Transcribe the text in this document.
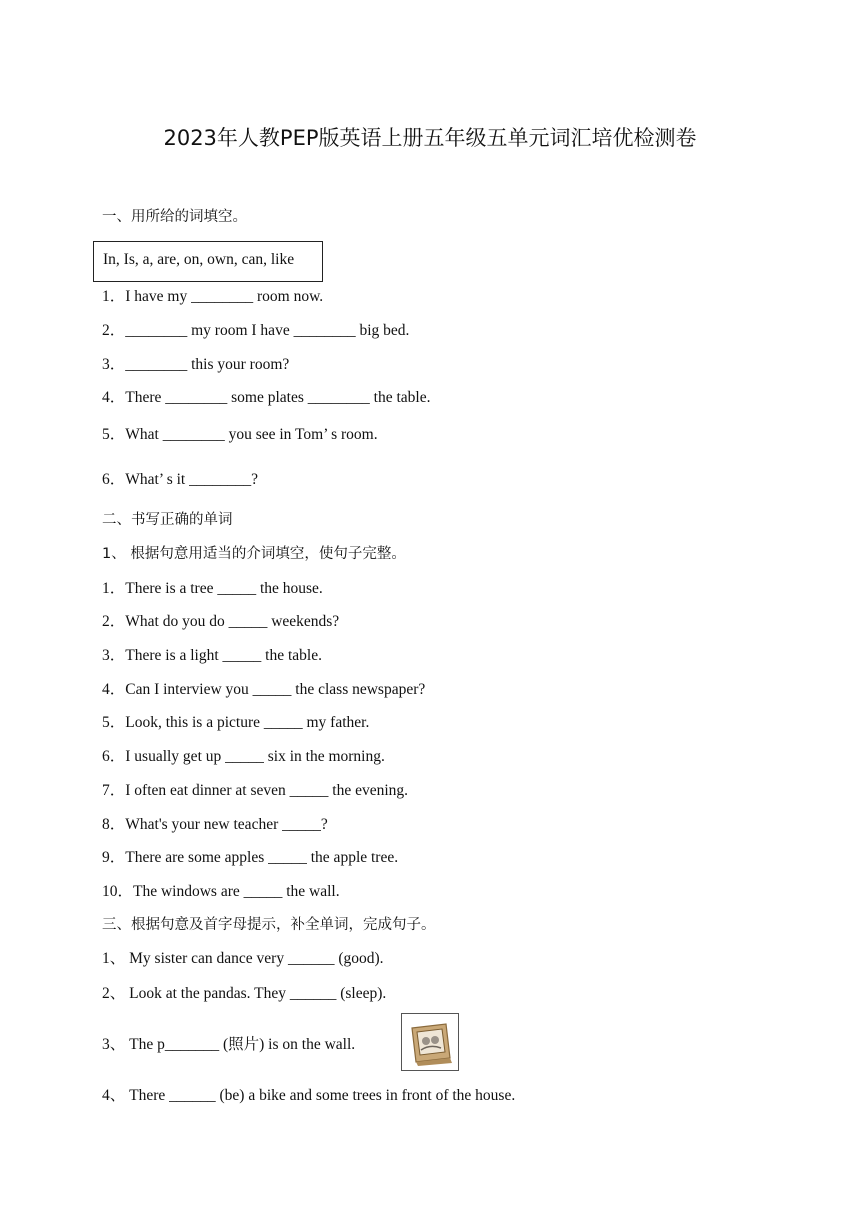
2023年人教PEP版英语上册五年级五单元词汇培优检测卷
一、用所给的词填空。
In, Is, a, are, on, own, can, like
1．I have my ________ room now.
2．________ my room I have ________ big bed.
3．________ this your room?
4．There ________ some plates ________ the table.
5．What ________ you see in Tom’ s room.
6．What’ s it ________?
二、书写正确的单词
1、 根据句意用适当的介词填空，使句子完整。
1．There is a tree _____ the house.
2．What do you do _____ weekends?
3．There is a light _____ the table.
4．Can I interview you _____ the class newspaper?
5．Look, this is a picture _____ my father.
6．I usually get up _____ six in the morning.
7．I often eat dinner at seven _____ the evening.
8．What's your new teacher _____?
9．There are some apples _____ the apple tree.
10．The windows are _____ the wall.
三、根据句意及首字母提示，补全单词，完成句子。
1、 My sister can dance very ______ (good).
2、 Look at the pandas. They ______ (sleep).
3、 The p_______ (照片) is on the wall.
4、 There ______ (be) a bike and some trees in front of the house.
